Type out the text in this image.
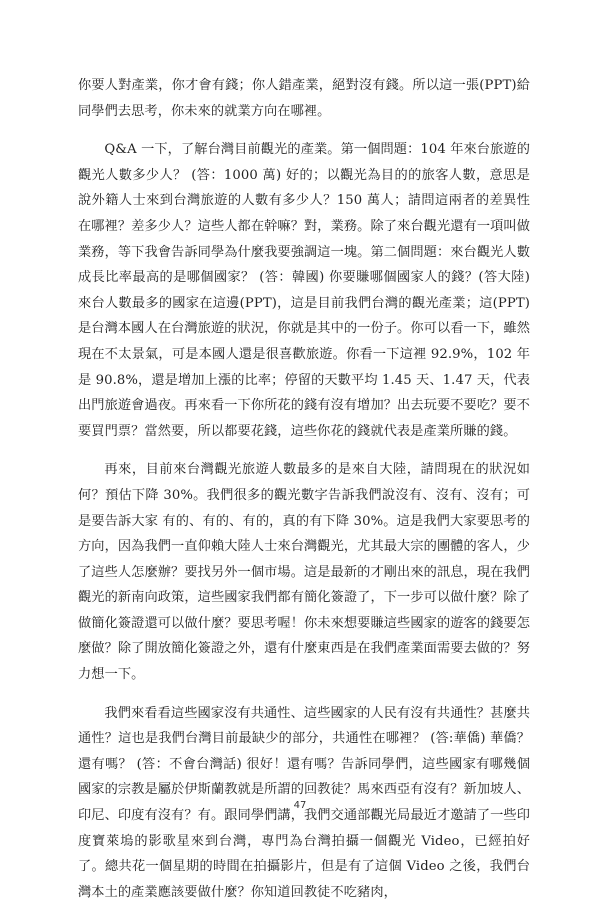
你要人對產業，你才會有錢；你人錯產業，絕對沒有錢。所以這一張(PPT)給同學們去思考，你未來的就業方向在哪裡。

Q&A 一下，了解台灣目前觀光的產業。第一個問題：104 年來台旅遊的觀光人數多少人？ (答：1000 萬) 好的；以觀光為目的的旅客人數，意思是說外籍人士來到台灣旅遊的人數有多少人？150 萬人；請問這兩者的差異性在哪裡？差多少人？這些人都在幹嘛？對，業務。除了來台觀光還有一項叫做業務，等下我會告訴同學為什麼我要強調這一塊。第二個問題：來台觀光人數成長比率最高的是哪個國家？ (答：韓國) 你要賺哪個國家人的錢？(答大陸) 來台人數最多的國家在這邊(PPT)，這是目前我們台灣的觀光產業；這(PPT)是台灣本國人在台灣旅遊的狀況，你就是其中的一份子。你可以看一下，雖然現在不太景氣，可是本國人還是很喜歡旅遊。你看一下這裡 92.9%，102 年是 90.8%，還是增加上漲的比率；停留的天數平均 1.45 天、1.47 天，代表出門旅遊會過夜。再來看一下你所花的錢有沒有增加？出去玩要不要吃？要不要買門票？當然要，所以都要花錢，這些你花的錢就代表是產業所賺的錢。

再來，目前來台灣觀光旅遊人數最多的是來自大陸，請問現在的狀況如何？預估下降 30%。我們很多的觀光數字告訴我們說沒有、沒有、沒有；可是要告訴大家 有的、有的、有的，真的有下降 30%。這是我們大家要思考的方向，因為我們一直仰賴大陸人士來台灣觀光，尤其最大宗的團體的客人，少了這些人怎麼辦？要找另外一個市場。這是最新的才剛出來的訊息，現在我們觀光的新南向政策，這些國家我們都有簡化簽證了，下一步可以做什麼？除了做簡化簽證還可以做什麼？要思考喔！你未來想要賺這些國家的遊客的錢要怎麼做？除了開放簡化簽證之外，還有什麼東西是在我們產業面需要去做的？努力想一下。

我們來看看這些國家沒有共通性、這些國家的人民有沒有共通性？甚麼共通性？這也是我們台灣目前最缺少的部分，共通性在哪裡？ (答:華僑) 華僑？還有嗎？ (答：不會台灣話) 很好！還有嗎？告訴同學們，這些國家有哪幾個國家的宗教是屬於伊斯蘭教就是所謂的回教徒？馬來西亞有沒有？新加坡人、印尼、印度有沒有？有。跟同學們講，我們交通部觀光局最近才邀請了一些印度寶萊塢的影歌星來到台灣，專門為台灣拍攝一個觀光 Video，已經拍好了。總共花一個星期的時間在拍攝影片，但是有了這個 Video 之後，我們台灣本土的產業應該要做什麼？你知道回教徒不吃豬肉，

47
